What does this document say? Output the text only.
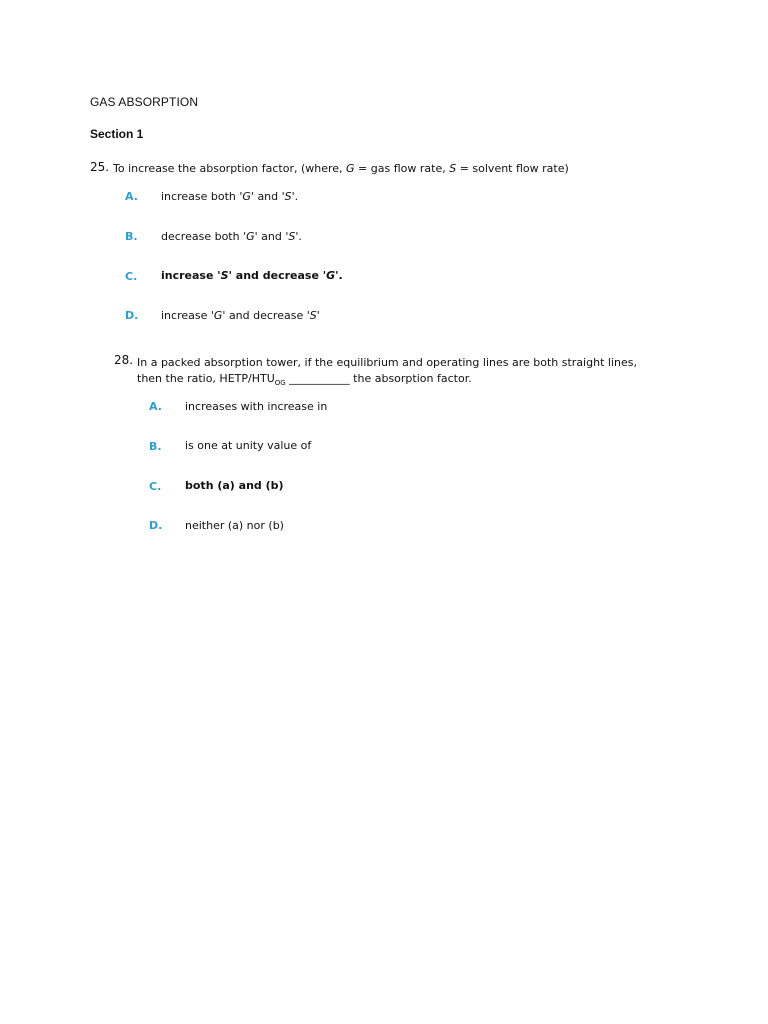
GAS ABSORPTION
Section 1
25. To increase the absorption factor, (where, G = gas flow rate, S = solvent flow rate)
A. increase both 'G' and 'S'.
B. decrease both 'G' and 'S'.
C. increase 'S' and decrease 'G'.
D. increase 'G' and decrease 'S'
28. In a packed absorption tower, if the equilibrium and operating lines are both straight lines,
then the ratio, HETP/$HTU_{OG}$ ___________ the absorption factor.
A. increases with increase in
B. is one at unity value of
C. both (a) and (b)
D. neither (a) nor (b)
